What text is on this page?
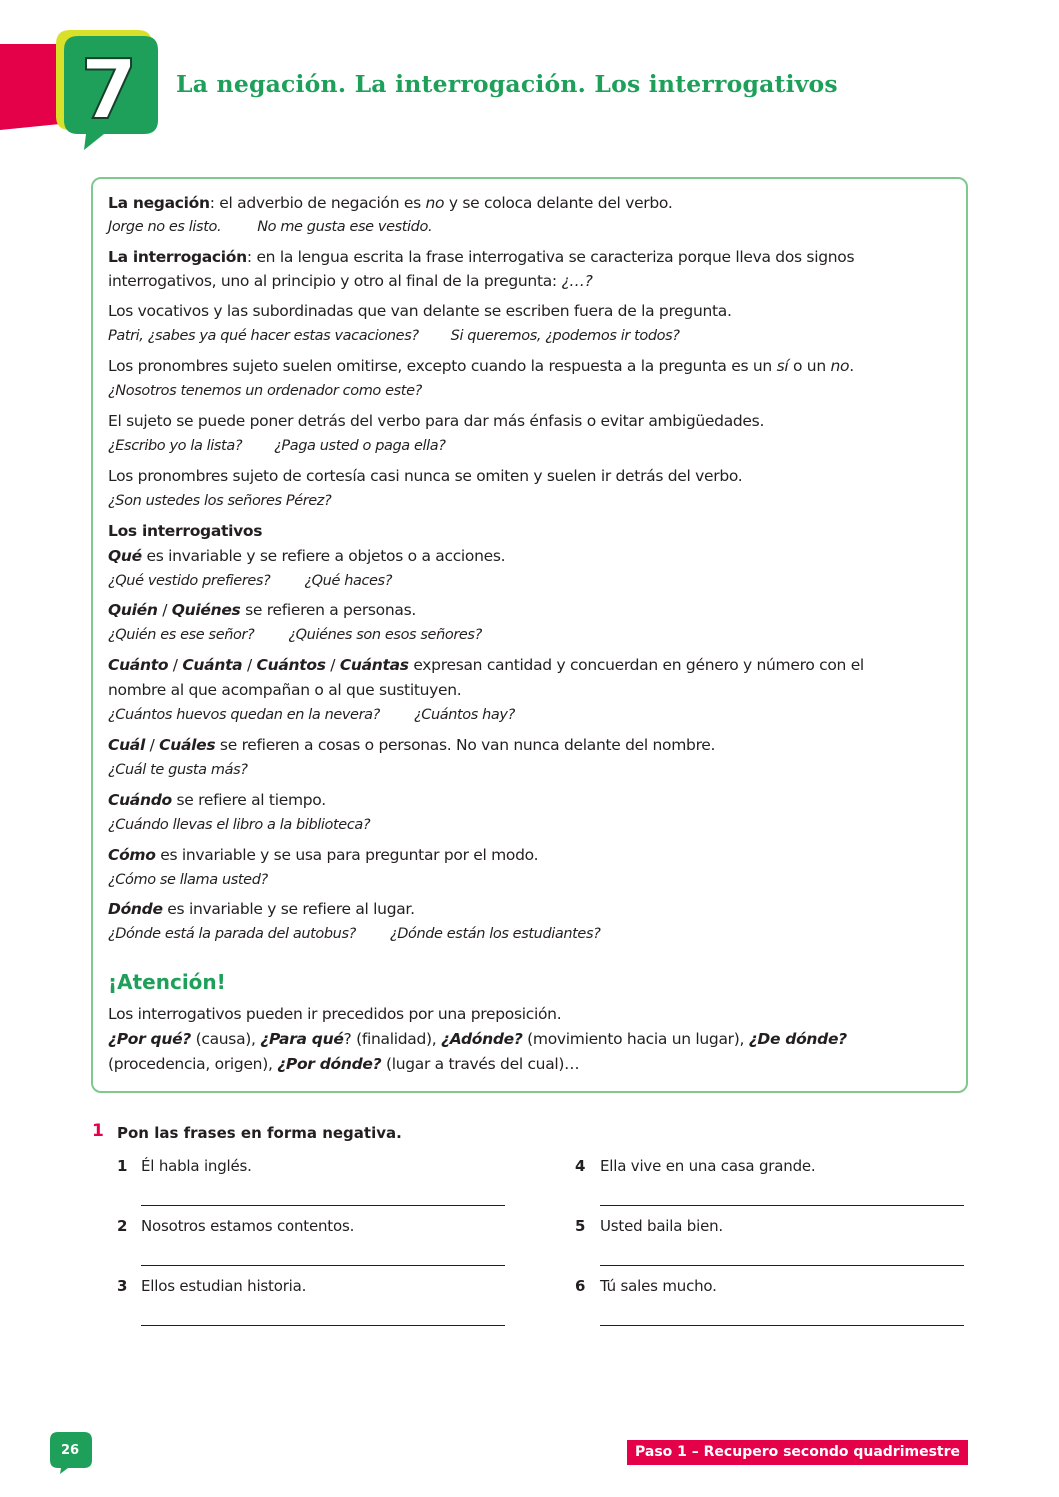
7 La negación. La interrogación. Los interrogativos
La negación: el adverbio de negación es no y se coloca delante del verbo.
Jorge no es listo. No me gusta ese vestido.
La interrogación: en la lengua escrita la frase interrogativa se caracteriza porque lleva dos signos
interrogativos, uno al principio y otro al final de la pregunta: ¿…?
Los vocativos y las subordinadas que van delante se escriben fuera de la pregunta.
Patri, ¿sabes ya qué hacer estas vacaciones? Si queremos, ¿podemos ir todos?
Los pronombres sujeto suelen omitirse, excepto cuando la respuesta a la pregunta es un sí o un no.
¿Nosotros tenemos un ordenador como este?
El sujeto se puede poner detrás del verbo para dar más énfasis o evitar ambigüedades.
¿Escribo yo la lista? ¿Paga usted o paga ella?
Los pronombres sujeto de cortesía casi nunca se omiten y suelen ir detrás del verbo.
¿Son ustedes los señores Pérez?
Los interrogativos
Qué es invariable y se refiere a objetos o a acciones.
¿Qué vestido prefieres? ¿Qué haces?
Quién / Quiénes se refieren a personas.
¿Quién es ese señor? ¿Quiénes son esos señores?
Cuánto / Cuánta / Cuántos / Cuántas expresan cantidad y concuerdan en género y número con el
nombre al que acompañan o al que sustituyen.
¿Cuántos huevos quedan en la nevera? ¿Cuántos hay?
Cuál / Cuáles se refieren a cosas o personas. No van nunca delante del nombre.
¿Cuál te gusta más?
Cuándo se refiere al tiempo.
¿Cuándo llevas el libro a la biblioteca?
Cómo es invariable y se usa para preguntar por el modo.
¿Cómo se llama usted?
Dónde es invariable y se refiere al lugar.
¿Dónde está la parada del autobus? ¿Dónde están los estudiantes?
¡Atención!
Los interrogativos pueden ir precedidos por una preposición.
¿Por qué? (causa), ¿Para qué? (finalidad), ¿Adónde? (movimiento hacia un lugar), ¿De dónde?
(procedencia, origen), ¿Por dónde? (lugar a través del cual)…
1 Pon las frases en forma negativa.
1 Él habla inglés.
2 Nosotros estamos contentos.
3 Ellos estudian historia.
4 Ella vive en una casa grande.
5 Usted baila bien.
6 Tú sales mucho.
26	Paso 1 – Recupero secondo quadrimestre
